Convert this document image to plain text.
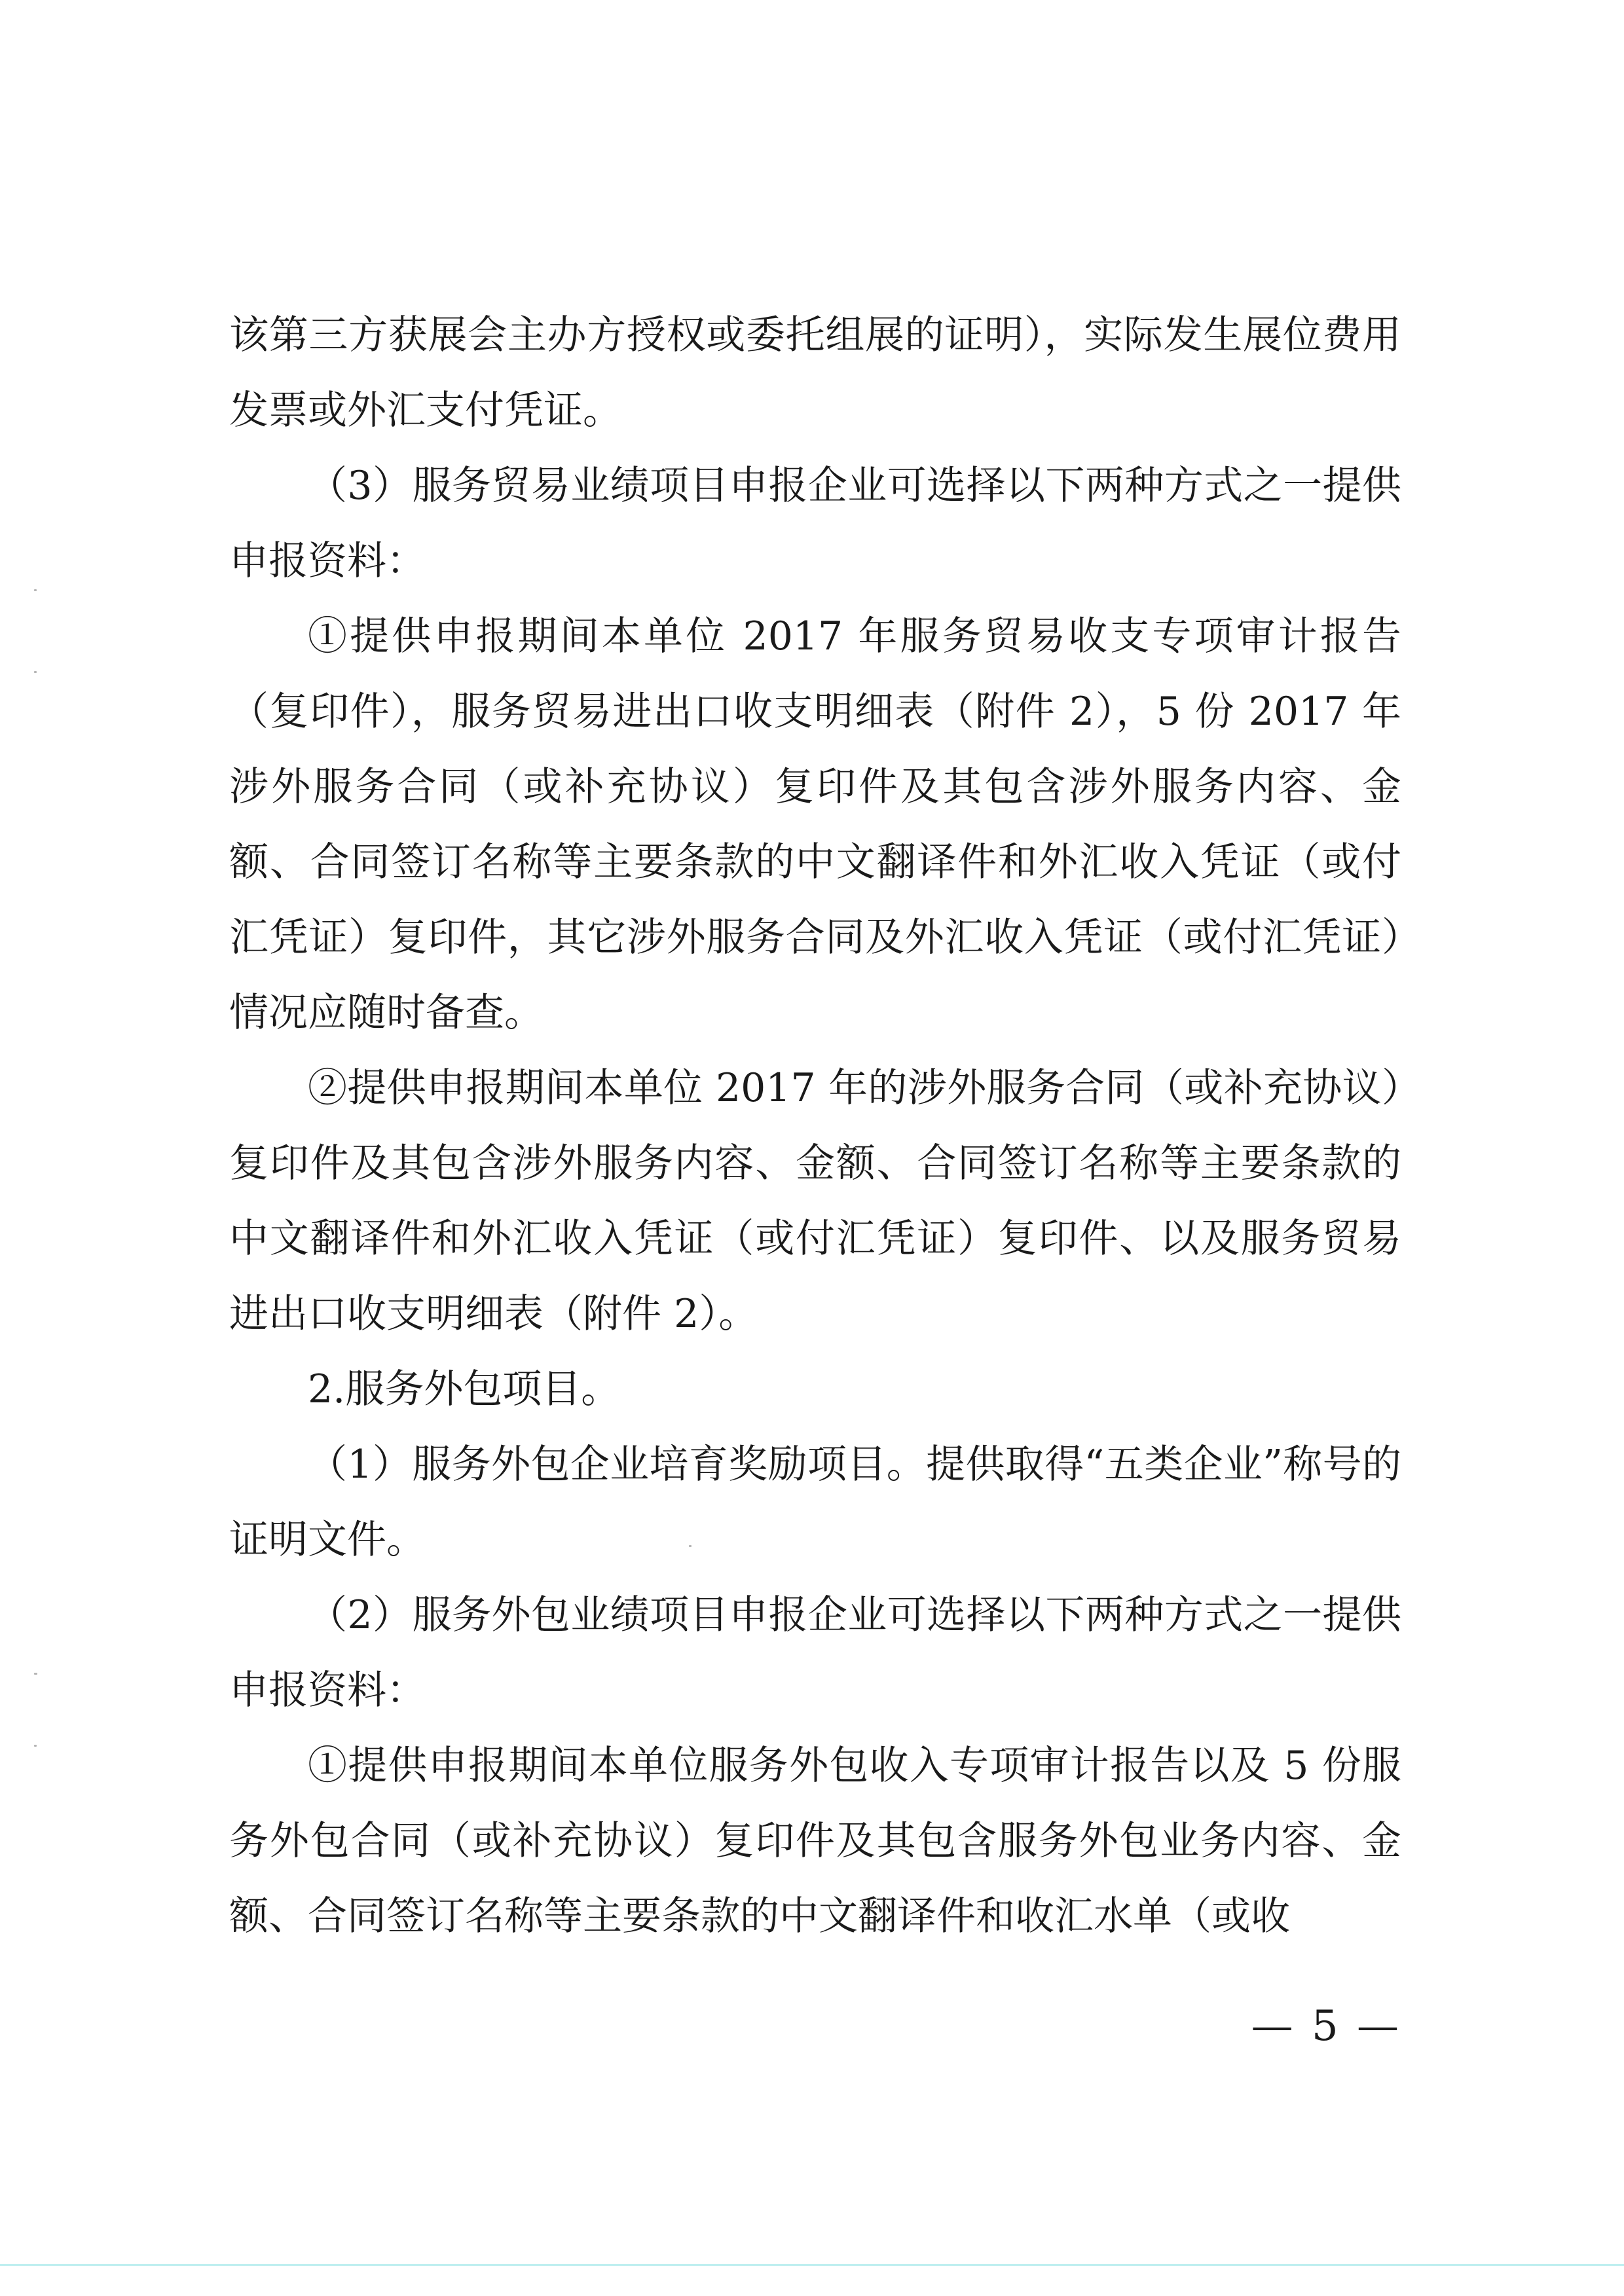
该第三方获展会主办方授权或委托组展的证明），实际发生展位费用发票或外汇支付凭证。

（3）服务贸易业绩项目申报企业可选择以下两种方式之一提供申报资料：

①提供申报期间本单位 2017 年服务贸易收支专项审计报告（复印件），服务贸易进出口收支明细表（附件 2），5 份 2017 年涉外服务合同（或补充协议）复印件及其包含涉外服务内容、金额、合同签订名称等主要条款的中文翻译件和外汇收入凭证（或付汇凭证）复印件，其它涉外服务合同及外汇收入凭证（或付汇凭证）情况应随时备查。

②提供申报期间本单位 2017 年的涉外服务合同（或补充协议）复印件及其包含涉外服务内容、金额、合同签订名称等主要条款的中文翻译件和外汇收入凭证（或付汇凭证）复印件、以及服务贸易进出口收支明细表（附件 2）。

2.服务外包项目。

（1）服务外包企业培育奖励项目。提供取得“五类企业”称号的证明文件。

（2）服务外包业绩项目申报企业可选择以下两种方式之一提供申报资料：

①提供申报期间本单位服务外包收入专项审计报告以及 5 份服务外包合同（或补充协议）复印件及其包含服务外包业务内容、金额、合同签订名称等主要条款的中文翻译件和收汇水单（或收

— 5 —
